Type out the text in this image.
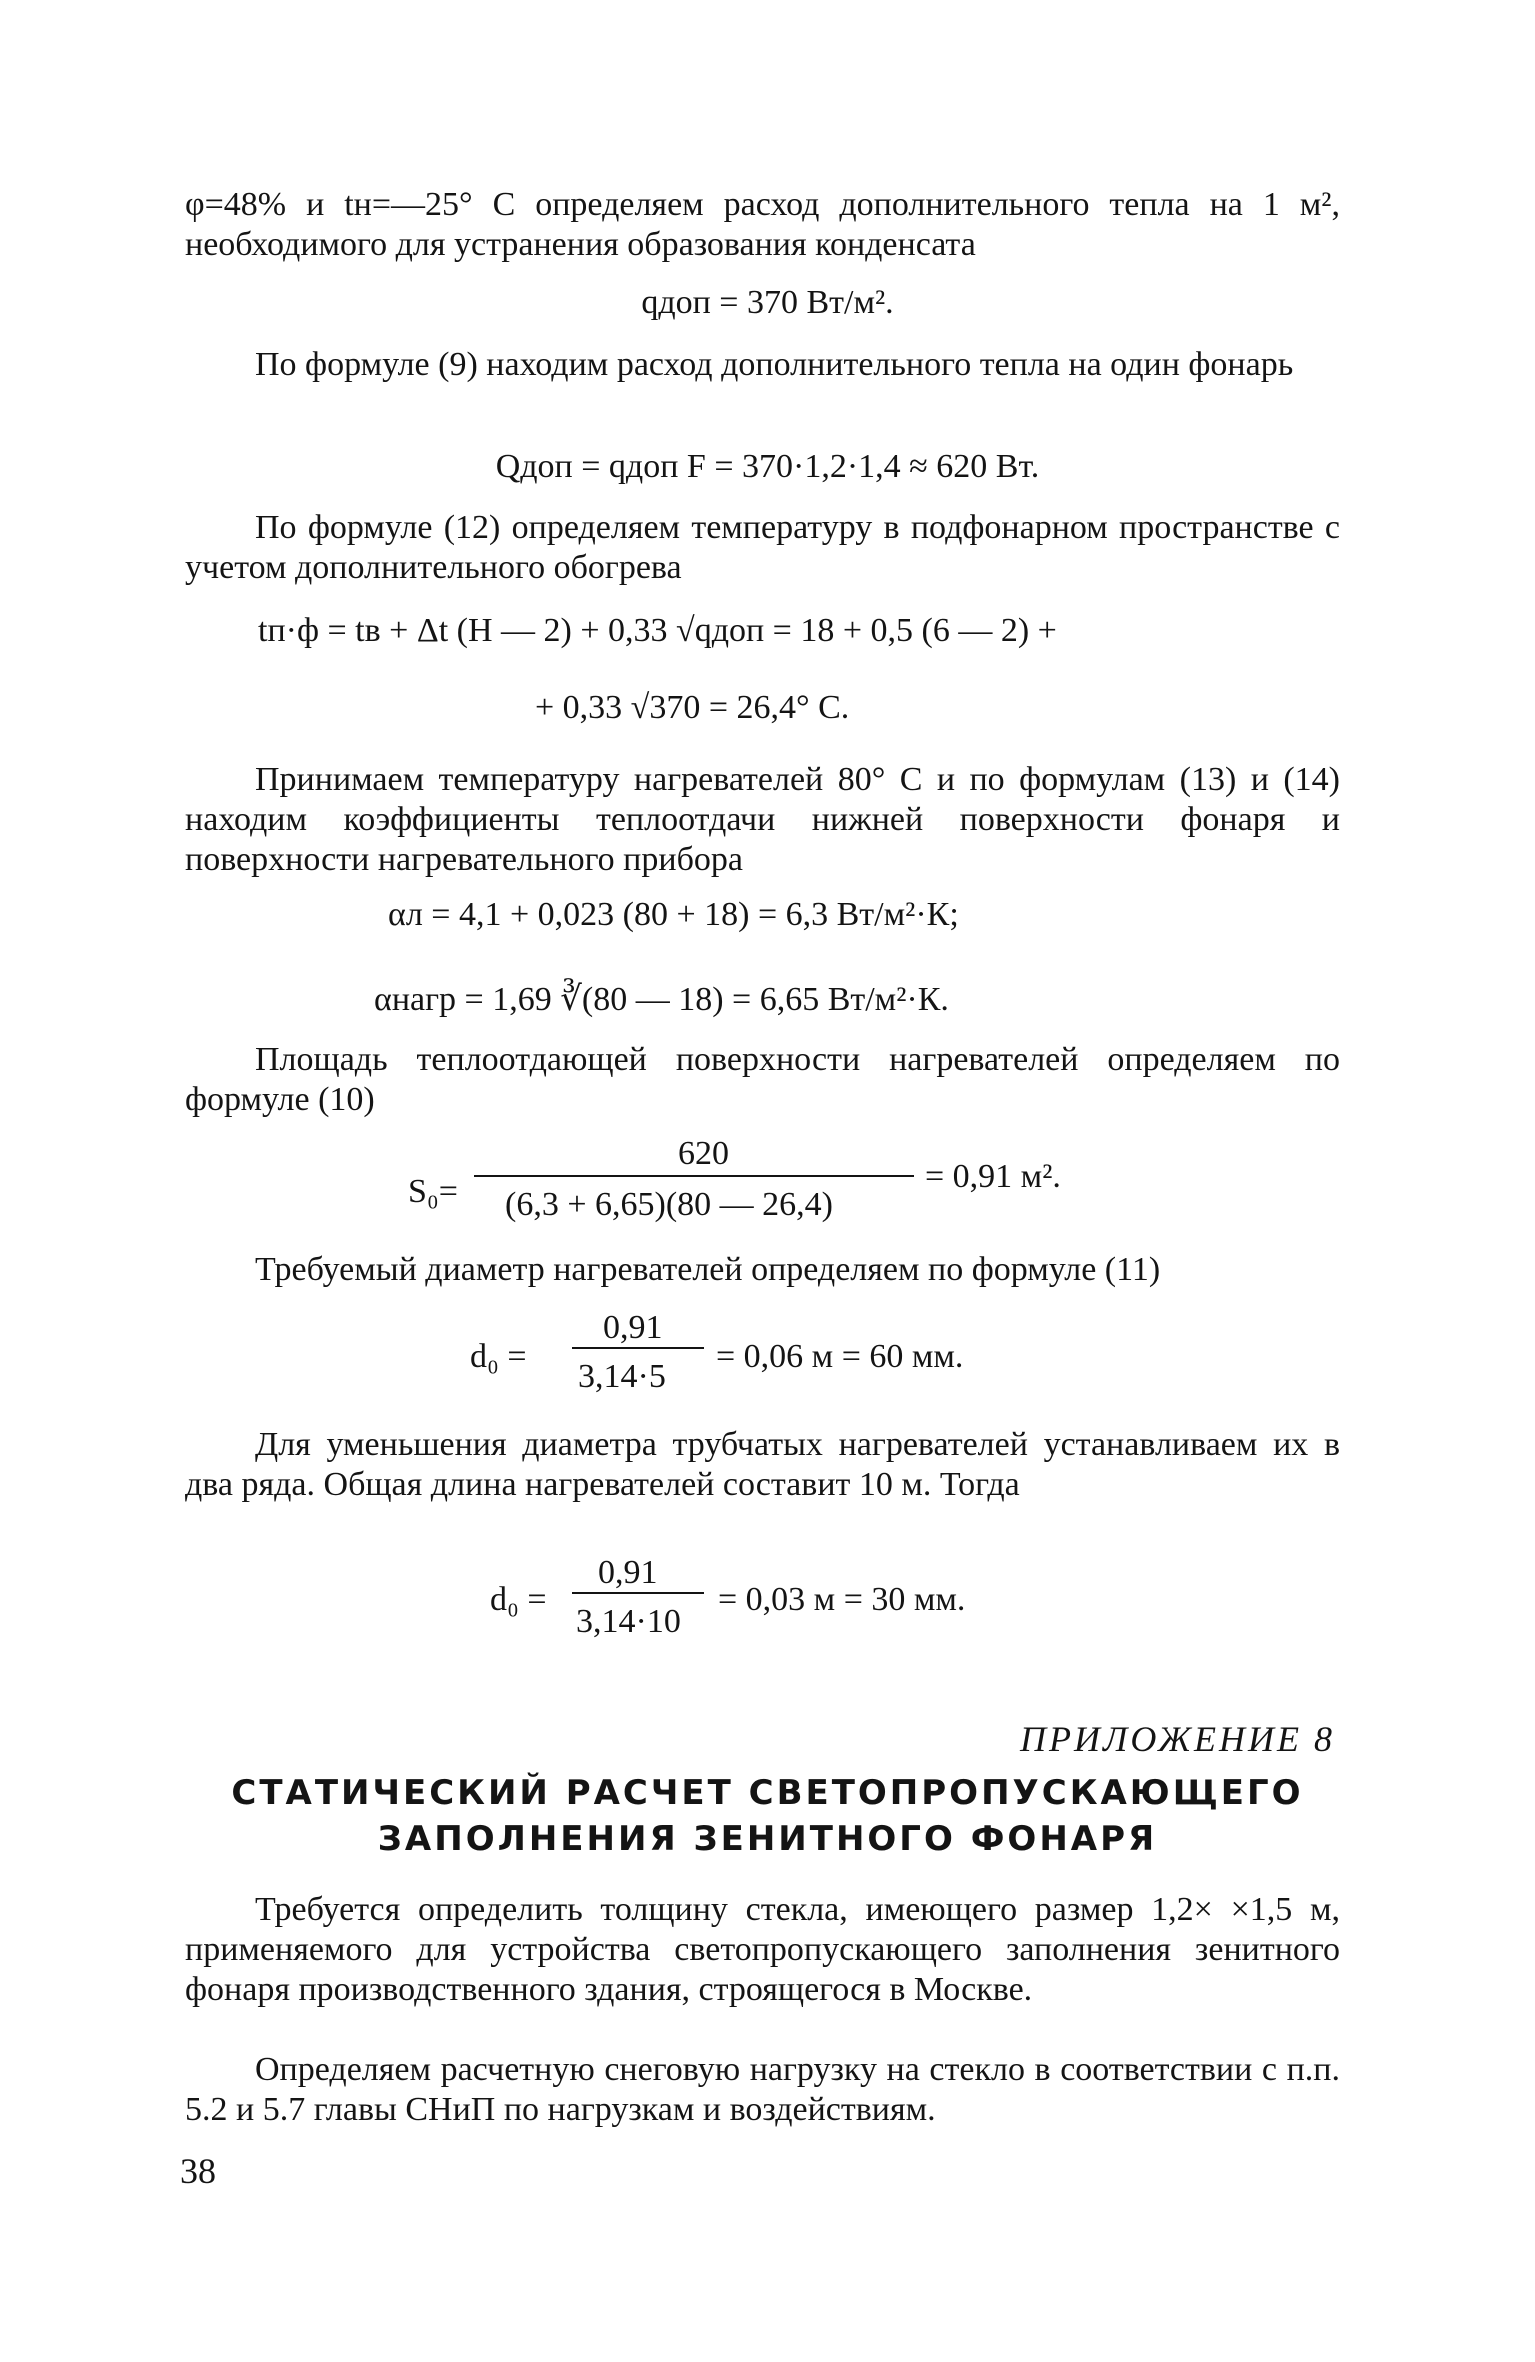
φ=48% и tн=—25° С определяем расход дополнительного тепла на 1 м², необходимого для устранения образования конденсата

qдоп = 370 Вт/м².

По формуле (9) находим расход дополнительного тепла на один фонарь

Qдоп = qдоп F = 370·1,2·1,4 ≈ 620 Вт.

По формуле (12) определяем температуру в подфонарном пространстве с учетом дополнительного обогрева

tп·ф = tв + Δt (H — 2) + 0,33 √qдоп = 18 + 0,5 (6 — 2) +

+ 0,33 √370 = 26,4° С.

Принимаем температуру нагревателей 80° С и по формулам (13) и (14) находим коэффициенты теплоотдачи нижней поверхности фонаря и поверхности нагревательного прибора

αл = 4,1 + 0,023 (80 + 18) = 6,3 Вт/м²·К;

αнагр = 1,69 ∛(80 — 18) = 6,65 Вт/м²·К.

Площадь теплоотдающей поверхности нагревателей определяем по формуле (10)

S₀=
620
(6,3 + 6,65)(80 — 26,4)
= 0,91 м².

Требуемый диаметр нагревателей определяем по формуле (11)

d₀ =
0,91
3,14·5
= 0,06 м = 60 мм.

Для уменьшения диаметра трубчатых нагревателей устанавливаем их в два ряда. Общая длина нагревателей составит 10 м. Тогда

d₀ =
0,91
3,14·10
= 0,03 м = 30 мм.

ПРИЛОЖЕНИЕ 8

СТАТИЧЕСКИЙ РАСЧЕТ СВЕТОПРОПУСКАЮЩЕГО

ЗАПОЛНЕНИЯ ЗЕНИТНОГО ФОНАРЯ

Требуется определить толщину стекла, имеющего размер 1,2× ×1,5 м, применяемого для устройства светопропускающего заполнения зенитного фонаря производственного здания, строящегося в Москве.

Определяем расчетную снеговую нагрузку на стекло в соответствии с п.п. 5.2 и 5.7 главы СНиП по нагрузкам и воздействиям.

38
